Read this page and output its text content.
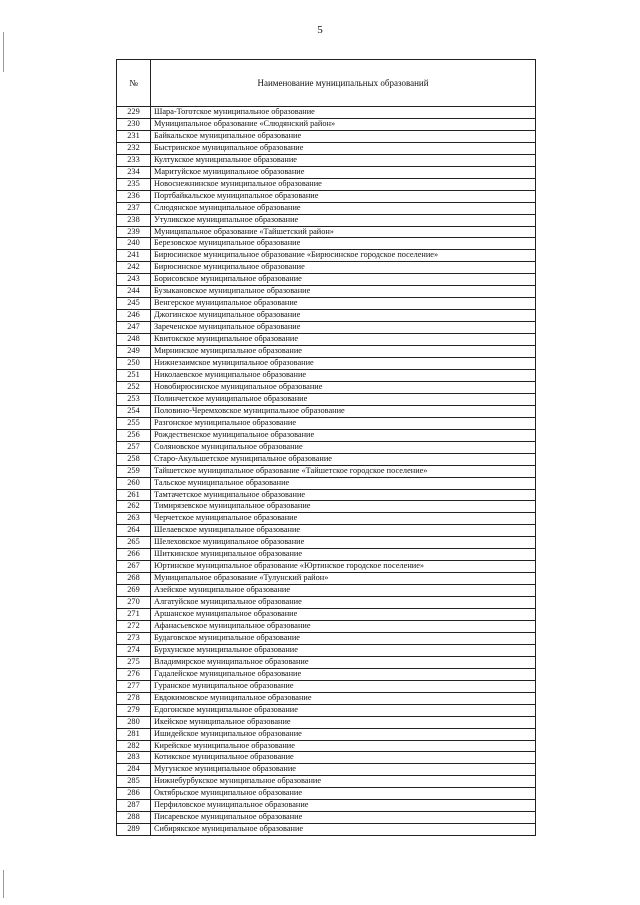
5
№	Наименование муниципальных образований
229	Шара-Тоготское муниципальное образование
230	Муниципальное образование «Слюдянский район»
231	Байкальское муниципальное образование
232	Быстринское муниципальное образование
233	Култукское муниципальное образование
234	Маритуйское муниципальное образование
235	Новоснежнинское муниципальное образование
236	Портбайкальское муниципальное образование
237	Слюдянское муниципальное образование
238	Утуликское муниципальное образование
239	Муниципальное образование «Тайшетский район»
240	Березовское муниципальное образование
241	Бирюсинское муниципальное образование «Бирюсинское городское поселение»
242	Бирюсинское муниципальное образование
243	Борисовское муниципальное образование
244	Бузыкановское муниципальное образование
245	Венгерское муниципальное образование
246	Джогинское муниципальное образование
247	Зареченское муниципальное образование
248	Квитокское муниципальное образование
249	Мирнинское муниципальное образование
250	Нижнезаимское муниципальное образование
251	Николаевское муниципальное образование
252	Новобирюсинское муниципальное образование
253	Полинчетское муниципальное образование
254	Половино-Черемховское муниципальное образование
255	Разгонское муниципальное образование
256	Рождественское муниципальное образование
257	Соляновское муниципальное образование
258	Старо-Акульшетское муниципальное образование
259	Тайшетское муниципальное образование «Тайшетское городское поселение»
260	Тальское муниципальное образование
261	Тамтачетское муниципальное образование
262	Тимирязевское муниципальное образование
263	Черчетское муниципальное образование
264	Шелаевское муниципальное образование
265	Шелеховское муниципальное образование
266	Шиткинское муниципальное образование
267	Юртинское муниципальное образование «Юртинское городское поселение»
268	Муниципальное образование «Тулунский район»
269	Азейское муниципальное образование
270	Алгатуйское муниципальное образование
271	Аршанское муниципальное образование
272	Афанасьевское муниципальное образование
273	Будаговское муниципальное образование
274	Бурхунское муниципальное образование
275	Владимирское муниципальное образование
276	Гадалейское муниципальное образование
277	Гуранское муниципальное образование
278	Евдокимовское муниципальное образование
279	Едогонское муниципальное образование
280	Икейское муниципальное образование
281	Ишидейское муниципальное образование
282	Кирейское муниципальное образование
283	Котикское муниципальное образование
284	Мугунское муниципальное образование
285	Нижнебурбукское муниципальное образование
286	Октябрьское муниципальное образование
287	Перфиловское муниципальное образование
288	Писаревское муниципальное образование
289	Сибирякское муниципальное образование
